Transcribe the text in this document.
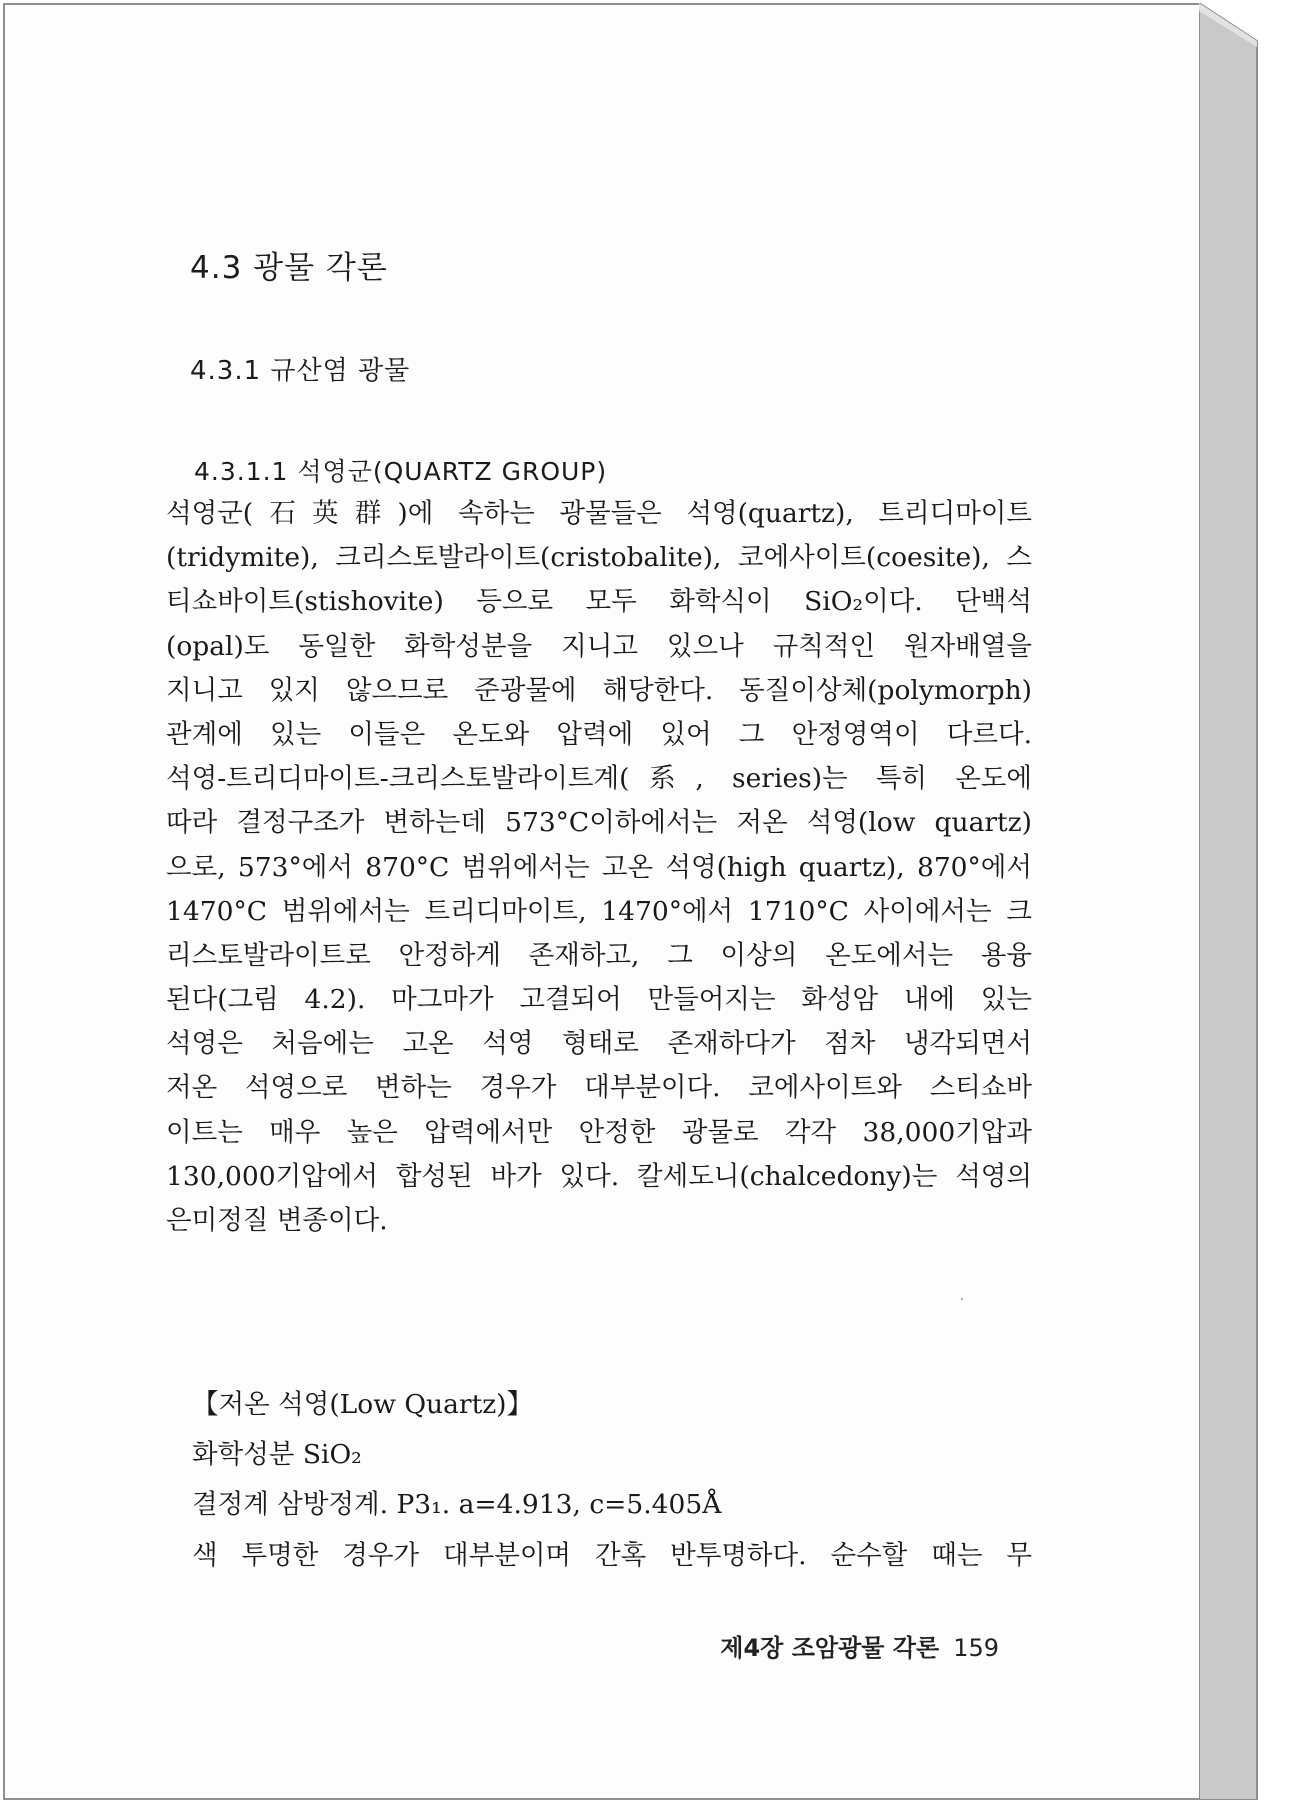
4.3 광물 각론
4.3.1 규산염 광물
4.3.1.1 석영군(QUARTZ GROUP)
석영군(石英群)에 속하는 광물들은 석영(quartz), 트리디마이트
(tridymite), 크리스토발라이트(cristobalite), 코에사이트(coesite), 스
티쇼바이트(stishovite) 등으로 모두 화학식이 SiO₂이다. 단백석
(opal)도 동일한 화학성분을 지니고 있으나 규칙적인 원자배열을
지니고 있지 않으므로 준광물에 해당한다. 동질이상체(polymorph)
관계에 있는 이들은 온도와 압력에 있어 그 안정영역이 다르다.
석영-트리디마이트-크리스토발라이트계(系, series)는 특히 온도에
따라 결정구조가 변하는데 573°C이하에서는 저온 석영(low quartz)
으로, 573°에서 870°C 범위에서는 고온 석영(high quartz), 870°에서
1470°C 범위에서는 트리디마이트, 1470°에서 1710°C 사이에서는 크
리스토발라이트로 안정하게 존재하고, 그 이상의 온도에서는 용융
된다(그림 4.2). 마그마가 고결되어 만들어지는 화성암 내에 있는
석영은 처음에는 고온 석영 형태로 존재하다가 점차 냉각되면서
저온 석영으로 변하는 경우가 대부분이다. 코에사이트와 스티쇼바
이트는 매우 높은 압력에서만 안정한 광물로 각각 38,000기압과
130,000기압에서 합성된 바가 있다. 칼세도니(chalcedony)는 석영의
은미정질 변종이다.
【저온 석영(Low Quartz)】
화학성분 SiO₂
결정계 삼방정계. P3₁. a=4.913, c=5.405Å
색 투명한 경우가 대부분이며 간혹 반투명하다. 순수할 때는 무
제4장 조암광물 각론 159
